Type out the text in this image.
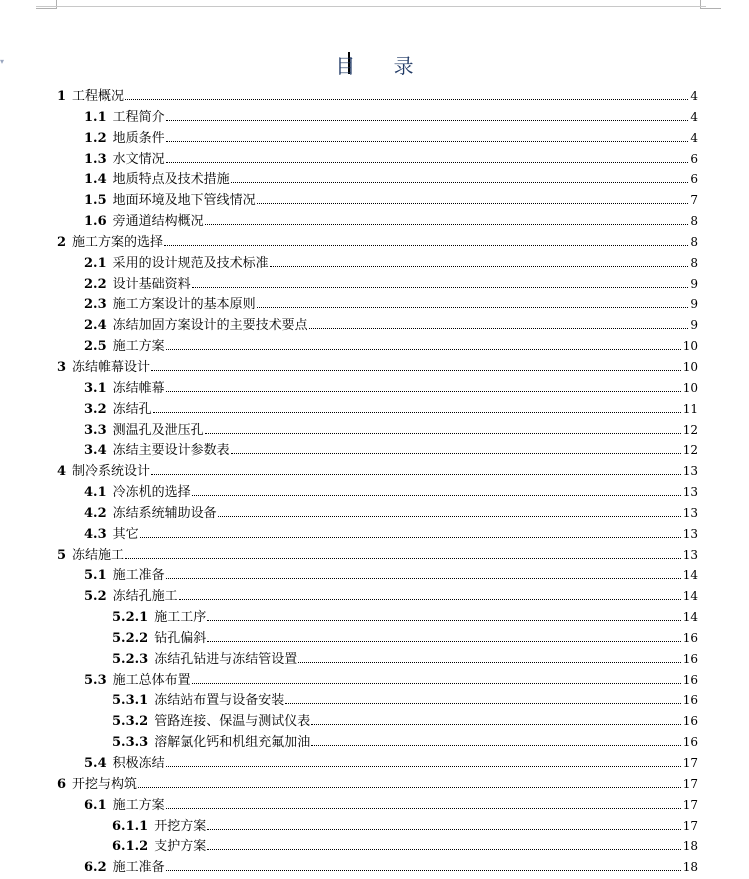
▾	目 录
1 工程概况	4
1.1 工程简介	4
1.2 地质条件	4
1.3 水文情况	6
1.4 地质特点及技术措施	6
1.5 地面环境及地下管线情况	7
1.6 旁通道结构概况	8
2 施工方案的选择	8
2.1 采用的设计规范及技术标准	8
2.2 设计基础资料	9
2.3 施工方案设计的基本原则	9
2.4 冻结加固方案设计的主要技术要点	9
2.5 施工方案	10
3 冻结帷幕设计	10
3.1 冻结帷幕	10
3.2 冻结孔	11
3.3 测温孔及泄压孔	12
3.4 冻结主要设计参数表	12
4 制冷系统设计	13
4.1 冷冻机的选择	13
4.2 冻结系统辅助设备	13
4.3 其它	13
5 冻结施工	13
5.1 施工准备	14
5.2 冻结孔施工	14
5.2.1 施工工序	14
5.2.2 钻孔偏斜	16
5.2.3 冻结孔钻进与冻结管设置	16
5.3 施工总体布置	16
5.3.1 冻结站布置与设备安装	16
5.3.2 管路连接、保温与测试仪表	16
5.3.3 溶解氯化钙和机组充氟加油	16
5.4 积极冻结	17
6 开挖与构筑	17
6.1 施工方案	17
6.1.1 开挖方案	17
6.1.2 支护方案	18
6.2 施工准备	18
